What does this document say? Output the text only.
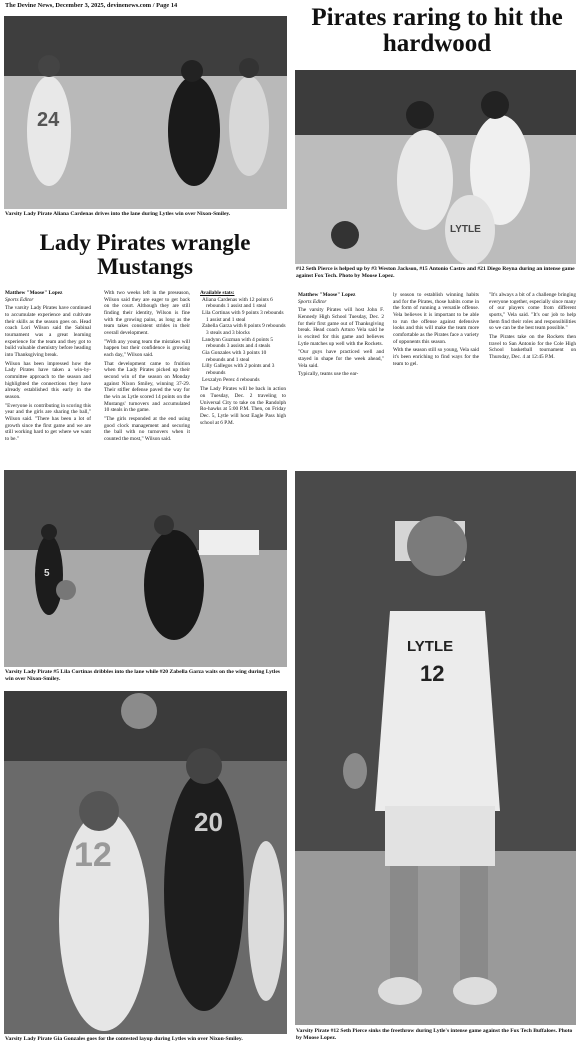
The Devine News, December 3, 2025, devinenews.com / Page 14
24
Varsity Lady Pirate Aliana Cardenas drives into the lane during Lytles win over Nixon-Smiley.
Lady Pirates wrangle Mustangs
Matthew "Moose" Lopez
Sports Editor

The varsity Lady Pirates have continued to accumulate experience and cultivate their skills as the season goes on. Head coach Lori Wilson said the Sabinal tournament was a great learning experience for the team and they got to build valuable chemistry before heading into Thanksgiving break.

Wilson has been impressed how the Lady Pirates have taken a win-by-committee approach to the season and highlighted the connections they have already established this early in the season.

"Everyone is contributing in scoring this year and the girls are sharing the ball," Wilson said. "There has been a lot of growth since the first game and we are still working hard to get where we want to be."

With two weeks left in the preseason, Wilson said they are eager to get back on the court. Although they are still finding their identity, Wilson is fine with the growing pains, as long as the team takes consistent strides in their overall development.

"With any young team the mistakes will happen but their confidence is growing each day," Wilson said.

That development came to fruition when the Lady Pirates picked up their second win of the season on Monday against Nixon Smiley, winning 37-29. Their stifler defense paved the way for the win as Lytle scored 14 points on the Mustangs' turnovers and accumulated 10 steals in the game.

"The girls responded at the end using good clock management and securing the ball with no turnovers when it counted the most," Wilson said.

Available stats:
Aliana Cardenas with 12 points 6 rebounds 1 assist and 1 steal
Lila Cortinas with 9 points 3 rebounds 1 assist and 1 steal
Zabella Garza with 8 points 9 rebounds 3 steals and 3 blocks
Landynn Guzman with 4 points 5 rebounds 3 assists and 4 steals
Gia Gonzales with 3 points 10 rebounds and 1 steal
Lilly Gallegos with 2 points and 3 rebounds
Lexzalyn Perez 4 rebounds

The Lady Pirates will be back in action on Tuesday, Dec. 2 traveling to Universal City to take on the Randolph Ro-hawks at 5:00 P.M. Then, on Friday Dec. 5, Lytle will host Eagle Pass high school at 6 P.M.

5
Varsity Lady Pirate #5 Lila Cortinas dribbles into the lane while #20 Zabella Garza waits on the wing during Lytles win over Nixon-Smiley.
12
20
Varsity Lady Pirate Gia Gonzales goes for the contested layup during Lytles win over Nixon-Smiley.
Pirates raring to hit the hardwood
LYTLE
#12 Seth Pierce is helped up by #3 Weston Jackson, #15 Antonio Castro and #21 Diego Reyna during an intense game against Fox Tech. Photo by Moose Lopez.
Matthew "Moose" Lopez
Sports Editor

The varsity Pirates will host John F. Kennedy High School Tuesday, Dec. 2 for their first game out of Thanksgiving break. Head coach Arturo Vela said he is excited for this game and believes Lytle matches up well with the Rockets.

"Our guys have practiced well and stayed in shape for the week ahead," Vela said.

Typically, teams use the ear-

ly season to establish winning habits and for the Pirates, those habits come in the form of running a versatile offense. Vela believes it is important to be able to run the offense against defensive looks and this will make the team more comfortable as the Pirates face a variety of opponents this season.

With the season still so young, Vela said it's been enriching to find ways for the team to gel.

"It's always a bit of a challenge bringing everyone together, especially since many of our players come from different sports," Vela said. "It's our job to help them find their roles and responsibilities so we can be the best team possible."

The Pirates take on the Rockets then travel to San Antonio for the Cole High School basketball tournament on Thursday, Dec. 4 at 12:45 P.M.

LYTLE
12
Varsity Pirate #12 Seth Pierce sinks the freethrow during Lytle's intense game against the Fox Tech Buffaloes. Photo by Moose Lopez.
